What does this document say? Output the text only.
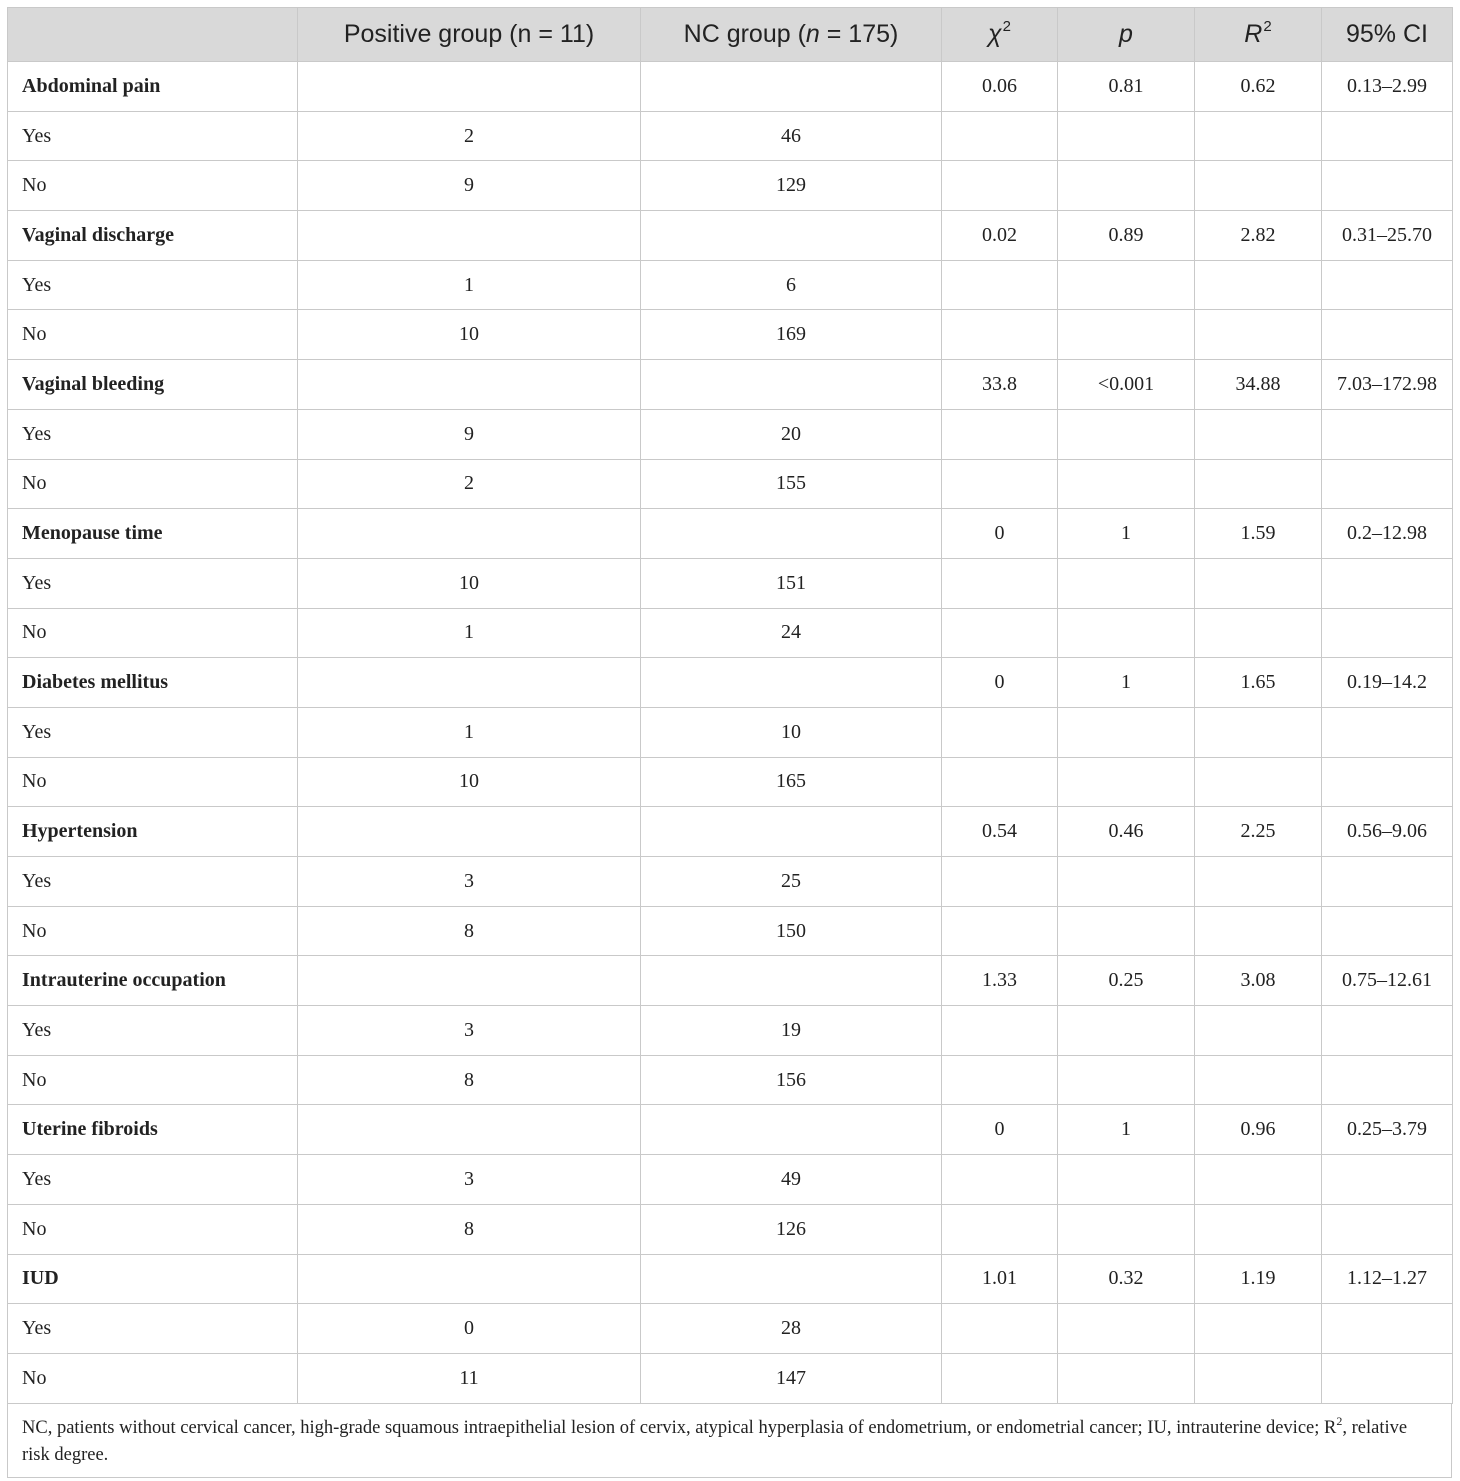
	Positive group (n = 11)	NC group (n = 175)	$\chi^2$	p	$R^2$	95% CI
Abdominal pain			0.06	0.81	0.62	0.13–2.99
Yes	2	46				
No	9	129				
Vaginal discharge			0.02	0.89	2.82	0.31–25.70
Yes	1	6				
No	10	169				
Vaginal bleeding			33.8	<0.001	34.88	7.03–172.98
Yes	9	20				
No	2	155				
Menopause time			0	1	1.59	0.2–12.98
Yes	10	151				
No	1	24				
Diabetes mellitus			0	1	1.65	0.19–14.2
Yes	1	10				
No	10	165				
Hypertension			0.54	0.46	2.25	0.56–9.06
Yes	3	25				
No	8	150				
Intrauterine occupation			1.33	0.25	3.08	0.75–12.61
Yes	3	19				
No	8	156				
Uterine fibroids			0	1	0.96	0.25–3.79
Yes	3	49				
No	8	126				
IUD			1.01	0.32	1.19	1.12–1.27
Yes	0	28				
No	11	147				
NC, patients without cervical cancer, high-grade squamous intraepithelial lesion of cervix, atypical hyperplasia of endometrium, or endometrial cancer; IU, intrauterine device; $R^2$, relative risk degree.
